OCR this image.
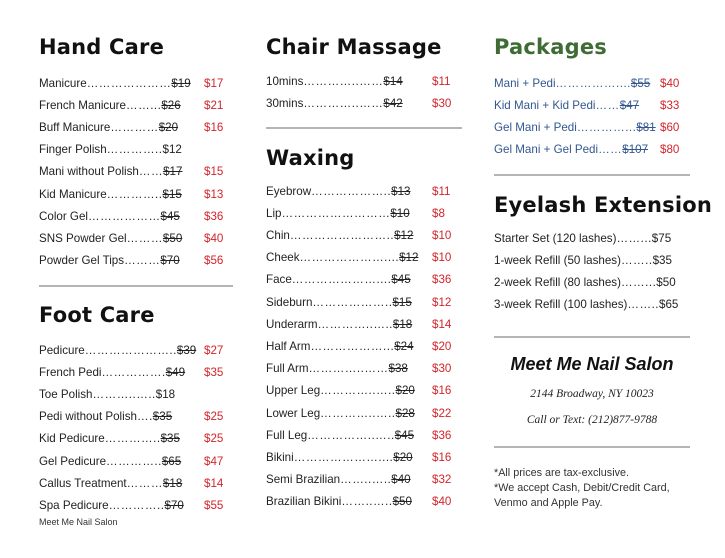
Hand Care
Manicure ………………… $19 $17
French Manicure ……... $26 $21
Buff Manicure ………… $20 $16
Finger Polish ………….. $12
Mani without Polish …… $17 $15
Kid Manicure ………….. $15 $13
Color Gel ……………… $45 $36
SNS Powder Gel ……… $50 $40
Powder Gel Tips ……… $70 $56
Foot Care
Pedicure ………………….. $39 $27
French Pedi ……………. $49 $35
Toe Polish ………..….. $18
Pedi without Polish …. $35	$25
Kid Pedicure ………….. $35 $25
Gel Pedicure ………….. $65 $47
Callus Treatment ……… $18 $14
Spa Pedicure ………….. $70 $55
Chair Massage
10mins …………..…… $14	$11
30mins …………..…… $42	$30
Waxing
Eyebrow ……………….. $13 $11
Lip ……………………… $10 $8
Chin …………………….. $12 $10
Cheek ………………….... $12 $10
Face ………………….... $45 $36
Sideburn ……………….. $15 $12
Underarm …………..….. $18 $14
Half Arm ………………... $24 $20
Full Arm …………..…… $38 $30
Upper Leg …………..….. $20 $16
Lower Leg …………..….. $28 $22
Full Leg ……………..….. $45 $36
Bikini ………………….... $20 $16
Semi Brazilian ……..….. $40 $32
Brazilian Bikini ……..….. $50 $40
Packages
Mani + Pedi …………….... $55 $40
Kid Mani + Kid Pedi …… $47 $33
Gel Mani + Pedi …………... $81 $60
Gel Mani + Gel Pedi …… $107 $80
Eyelash Extension
Starter Set (120 lashes) ……... $75
1-week Refill (50 lashes) …….. $35
2-week Refill (80 lashes) ……... $50
3-week Refill (100 lashes) …….. $65
Meet Me Nail Salon
2144 Broadway, NY 10023
Call or Text: (212)877-9788
*All prices are tax-exclusive.
*We accept Cash, Debit/Credit Card, Venmo and Apple Pay.
Meet Me Nail Salon
